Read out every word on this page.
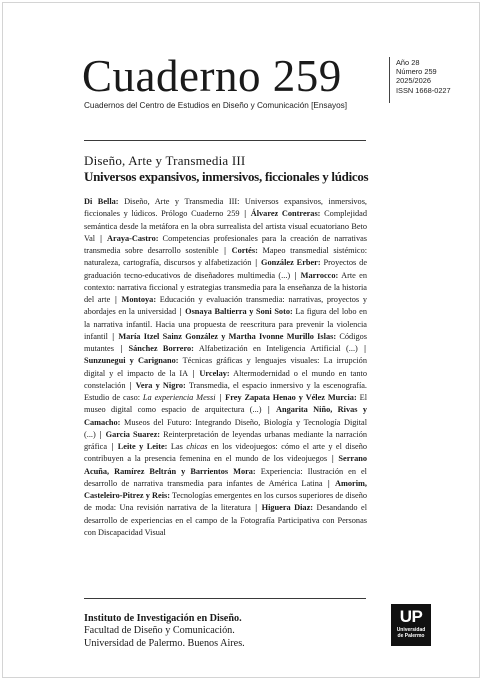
Cuaderno 259
Cuadernos del Centro de Estudios en Diseño y Comunicación [Ensayos]
Año 28
Número 259
2025/2026
ISSN 1668-0227
Diseño, Arte y Transmedia III
Universos expansivos, inmersivos, ficcionales y lúdicos
Di Bella: Diseño, Arte y Transmedia III: Universos expansivos, inmersivos, ficcionales y lúdicos. Prólogo Cuaderno 259 | Álvarez Contreras: Complejidad semántica desde la metáfora en la obra surrealista del artista visual ecuatoriano Beto Val | Araya-Castro: Competencias profesionales para la creación de narrativas transmedia sobre desarrollo sostenible | Cortés: Mapeo transmedial sistémico: naturaleza, cartografía, discursos y alfabetización | González Erber: Proyectos de graduación tecno-educativos de diseñadores multimedia (...) | Marrocco: Arte en contexto: narrativa ficcional y estrategias transmedia para la enseñanza de la historia del arte | Montoya: Educación y evaluación transmedia: narrativas, proyectos y abordajes en la universidad | Osnaya Baltierra y Soni Soto: La figura del lobo en la narrativa infantil. Hacia una propuesta de reescritura para prevenir la violencia infantil | María Itzel Sainz González y Martha Ivonne Murillo Islas: Códigos mutantes | Sánchez Borrero: Alfabetización en Inteligencia Artificial (...) | Sunzunegui y Carignano: Técnicas gráficas y lenguajes visuales: La irrupción digital y el impacto de la IA | Urcelay: Altermodernidad o el mundo en tanto constelación | Vera y Nigro: Transmedia, el espacio inmersivo y la escenografía. Estudio de caso: La experiencia Messi | Frey Zapata Henao y Vélez Murcia: El museo digital como espacio de arquitectura (...) | Angarita Niño, Rivas y Camacho: Museos del Futuro: Integrando Diseño, Biología y Tecnología Digital (...) | Garcia Suarez: Reinterpretación de leyendas urbanas mediante la narración gráfica | Leite y Leite: Las chicas en los videojuegos: cómo el arte y el diseño contribuyen a la presencia femenina en el mundo de los videojuegos | Serrano Acuña, Ramírez Beltrán y Barrientos Mora: Experiencia: Ilustración en el desarrollo de narrativa transmedia para infantes de América Latina | Amorim, Casteleiro-Pitrez y Reis: Tecnologías emergentes en los cursos superiores de diseño de moda: Una revisión narrativa de la literatura | Higuera Diaz: Desandando el desarrollo de experiencias en el campo de la Fotografía Participativa con Personas con Discapacidad Visual
Instituto de Investigación en Diseño.
Facultad de Diseño y Comunicación.
Universidad de Palermo. Buenos Aires.
UP
Universidad
de Palermo
